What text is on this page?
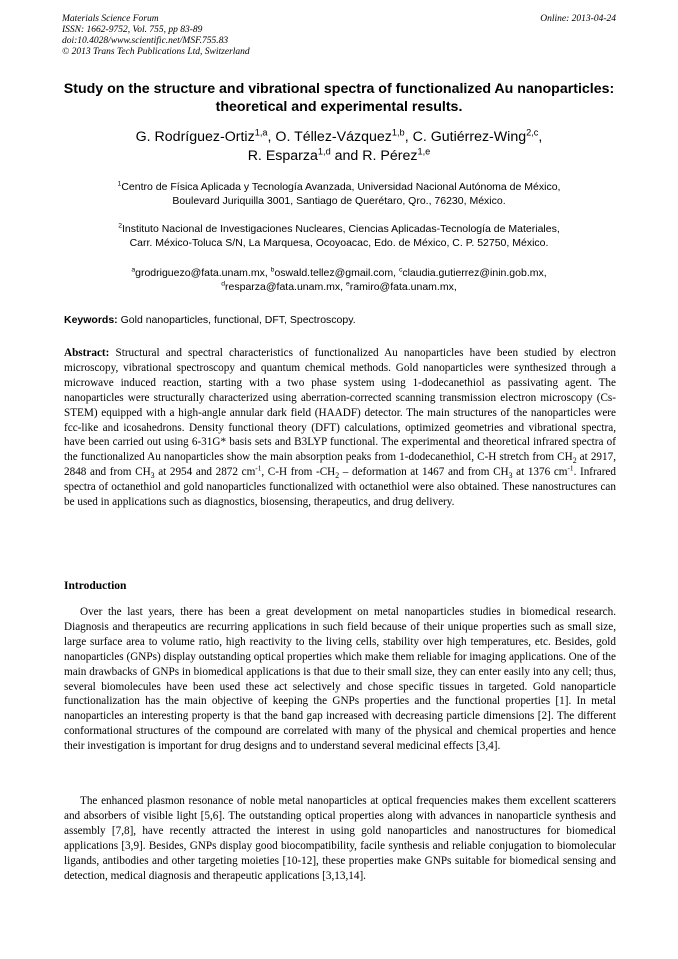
Materials Science Forum
ISSN: 1662-9752, Vol. 755, pp 83-89
doi:10.4028/www.scientific.net/MSF.755.83
© 2013 Trans Tech Publications Ltd, Switzerland
Online: 2013-04-24
Study on the structure and vibrational spectra of functionalized Au nanoparticles: theoretical and experimental results.
G. Rodríguez-Ortiz$^{1,a}$, O. Téllez-Vázquez$^{1,b}$, C. Gutiérrez-Wing$^{2,c}$,
R. Esparza$^{1,d}$ and R. Pérez$^{1,e}$
$^1$Centro de Física Aplicada y Tecnología Avanzada, Universidad Nacional Autónoma de México,
Boulevard Juriquilla 3001, Santiago de Querétaro, Qro., 76230, México.
$^2$Instituto Nacional de Investigaciones Nucleares, Ciencias Aplicadas-Tecnología de Materiales,
Carr. México-Toluca S/N, La Marquesa, Ocoyoacac, Edo. de México, C. P. 52750, México.
$^a$grodriguezo@fata.unam.mx, $^b$oswald.tellez@gmail.com, $^c$claudia.gutierrez@inin.gob.mx,
$^d$resparza@fata.unam.mx, $^e$ramiro@fata.unam.mx,
Keywords: Gold nanoparticles, functional, DFT, Spectroscopy.
Abstract: Structural and spectral characteristics of functionalized Au nanoparticles have been studied by electron microscopy, vibrational spectroscopy and quantum chemical methods. Gold nanoparticles were synthesized through a microwave induced reaction, starting with a two phase system using 1-dodecanethiol as passivating agent. The nanoparticles were structurally characterized using aberration-corrected scanning transmission electron microscopy (Cs-STEM) equipped with a high-angle annular dark field (HAADF) detector. The main structures of the nanoparticles were fcc-like and icosahedrons. Density functional theory (DFT) calculations, optimized geometries and vibrational spectra, have been carried out using 6-31G* basis sets and B3LYP functional. The experimental and theoretical infrared spectra of the functionalized Au nanoparticles show the main absorption peaks from 1-dodecanethiol, C-H stretch from $CH_2$ at 2917, 2848 and from $CH_3$ at 2954 and 2872 $cm^{-1}$, C-H from $-CH_2$ – deformation at 1467 and from $CH_3$ at 1376 $cm^{-1}$. Infrared spectra of octanethiol and gold nanoparticles functionalized with octanethiol were also obtained. These nanostructures can be used in applications such as diagnostics, biosensing, therapeutics, and drug delivery.
Introduction
Over the last years, there has been a great development on metal nanoparticles studies in biomedical research. Diagnosis and therapeutics are recurring applications in such field because of their unique properties such as small size, large surface area to volume ratio, high reactivity to the living cells, stability over high temperatures, etc. Besides, gold nanoparticles (GNPs) display outstanding optical properties which make them reliable for imaging applications. One of the main drawbacks of GNPs in biomedical applications is that due to their small size, they can enter easily into any cell; thus, several biomolecules have been used these act selectively and chose specific tissues in targeted. Gold nanoparticle functionalization has the main objective of keeping the GNPs properties and the functional properties [1]. In metal nanoparticles an interesting property is that the band gap increased with decreasing particle dimensions [2]. The different conformational structures of the compound are correlated with many of the physical and chemical properties and hence their investigation is important for drug designs and to understand several medicinal effects [3,4].
The enhanced plasmon resonance of noble metal nanoparticles at optical frequencies makes them excellent scatterers and absorbers of visible light [5,6]. The outstanding optical properties along with advances in nanoparticle synthesis and assembly [7,8], have recently attracted the interest in using gold nanoparticles and nanostructures for biomedical applications [3,9]. Besides, GNPs display good biocompatibility, facile synthesis and reliable conjugation to biomolecular ligands, antibodies and other targeting moieties [10-12], these properties make GNPs suitable for biomedical sensing and detection, medical diagnosis and therapeutic applications [3,13,14].
